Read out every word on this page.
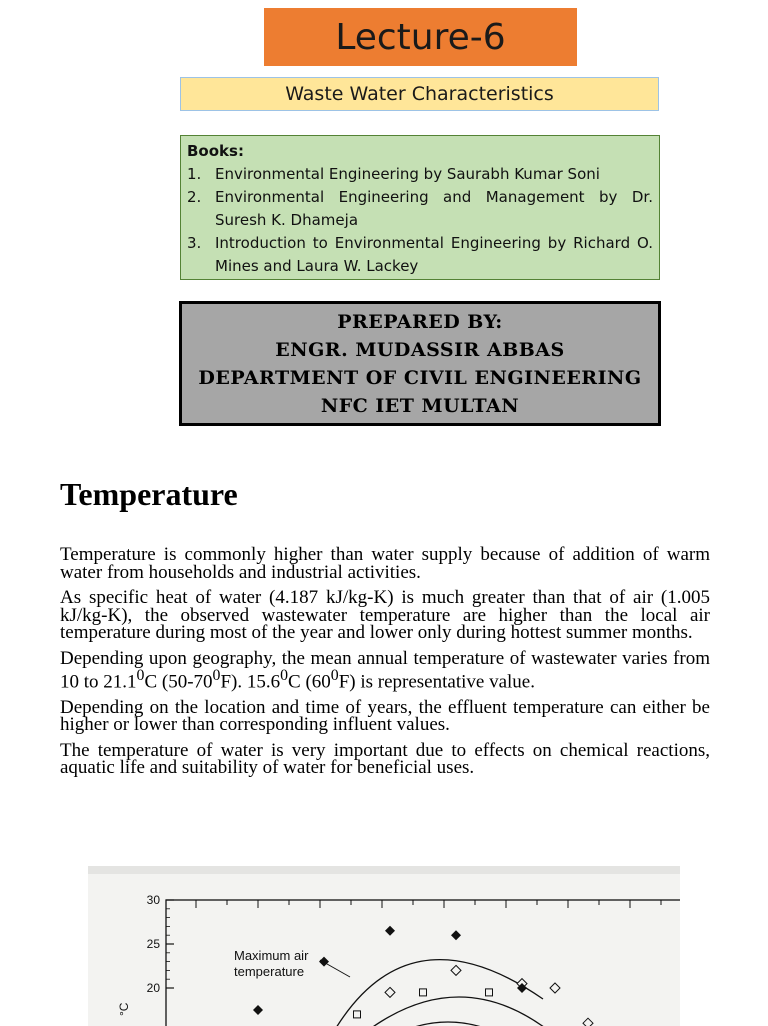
Lecture-6
Waste Water Characteristics
Books:
1. Environmental Engineering by Saurabh Kumar Soni
2. Environmental Engineering and Management by Dr. Suresh K. Dhameja
3. Introduction to Environmental Engineering by Richard O. Mines and Laura W. Lackey
PREPARED BY:
ENGR. MUDASSIR ABBAS
DEPARTMENT OF CIVIL ENGINEERING
NFC IET MULTAN
Temperature

Temperature is commonly higher than water supply because of addition of warm water from households and industrial activities.

As specific heat of water (4.187 kJ/kg-K) is much greater than that of air (1.005 kJ/kg-K), the observed wastewater temperature are higher than the local air temperature during most of the year and lower only during hottest summer months.

Depending upon geography, the mean annual temperature of wastewater varies from 10 to 21.1$^0$C $(50-70^0F)$. 15.6$^0$C $(60^0F)$ is representative value.

Depending on the location and time of years, the effluent temperature can either be higher or lower than corresponding influent values.

The temperature of water is very important due to effects on chemical reactions, aquatic life and suitability of water for beneficial uses.

30
25
20
Maximum air
temperature
°C
